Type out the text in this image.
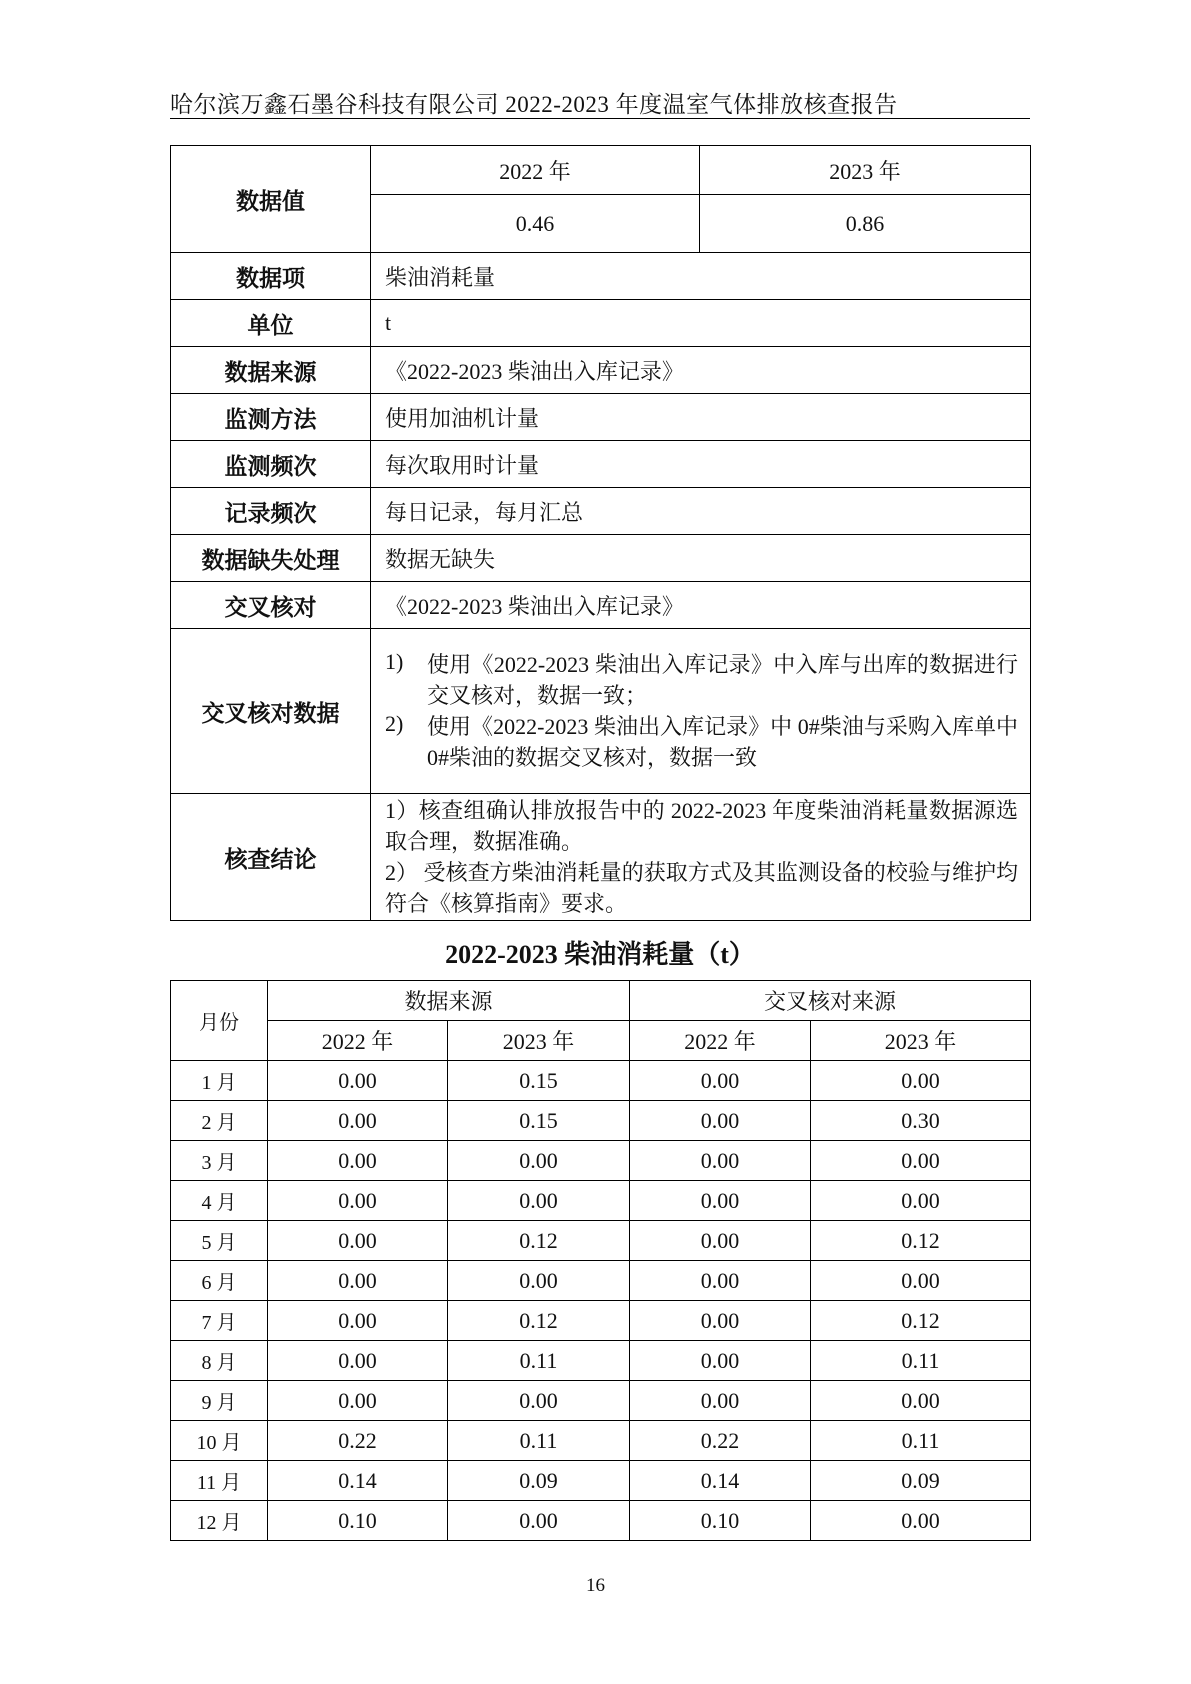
哈尔滨万鑫石墨谷科技有限公司 2022-2023 年度温室气体排放核查报告
数据值	2022 年	2023 年
	0.46	0.86
数据项	柴油消耗量	
单位	t	
数据来源	《2022-2023 柴油出入库记录》	
监测方法	使用加油机计量	
监测频次	每次取用时计量	
记录频次	每日记录，每月汇总	
数据缺失处理	数据无缺失	
交叉核对	《2022-2023 柴油出入库记录》	
交叉核对数据	1) 使用《2022-2023 柴油出入库记录》中入库与出库的数据进行交叉核对，数据一致；
2) 使用《2022-2023 柴油出入库记录》中 0#柴油与采购入库单中 0#柴油的数据交叉核对，数据一致	

核查结论	1）核查组确认排放报告中的 2022-2023 年度柴油消耗量数据源选取合理，数据准确。
2） 受核查方柴油消耗量的获取方式及其监测设备的校验与维护均符合《核算指南》要求。	
2022-2023 柴油消耗量（t）
月份	数据来源		交叉核对来源	
	2022 年	2023 年	2022 年	2023 年
1 月	0.00	0.15	0.00	0.00
2 月	0.00	0.15	0.00	0.30
3 月	0.00	0.00	0.00	0.00
4 月	0.00	0.00	0.00	0.00
5 月	0.00	0.12	0.00	0.12
6 月	0.00	0.00	0.00	0.00
7 月	0.00	0.12	0.00	0.12
8 月	0.00	0.11	0.00	0.11
9 月	0.00	0.00	0.00	0.00
10 月	0.22	0.11	0.22	0.11
11 月	0.14	0.09	0.14	0.09
12 月	0.10	0.00	0.10	0.00
16
